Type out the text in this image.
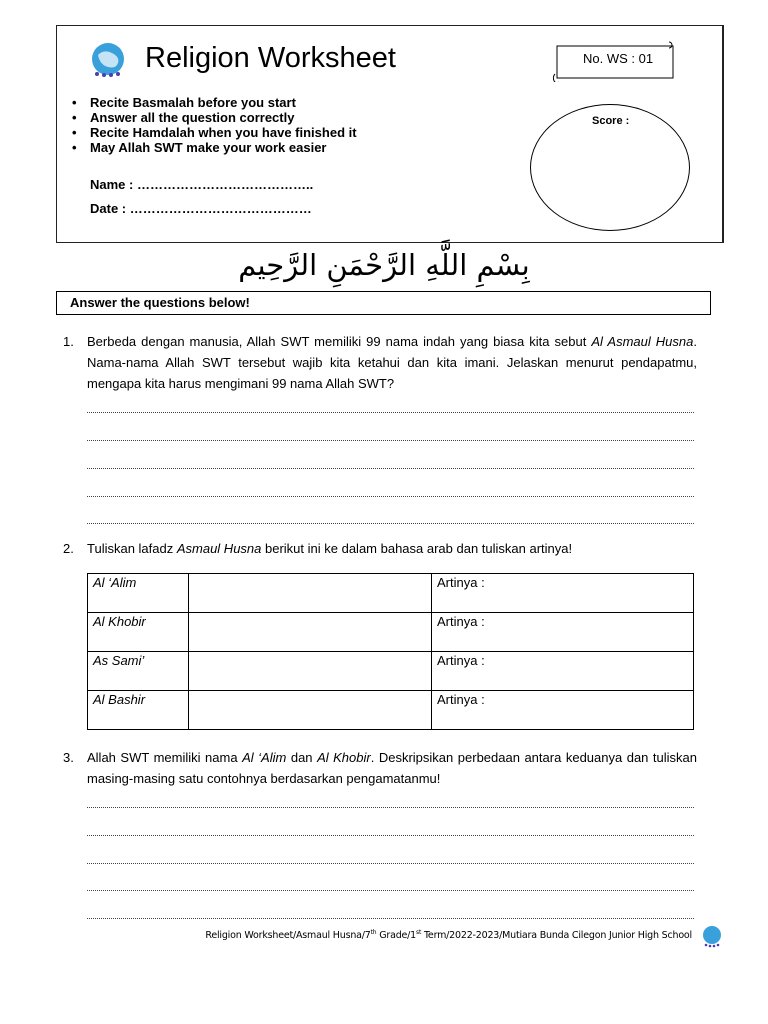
Religion Worksheet	No. WS : 01
Score :
• Recite Basmalah before you start
• Answer all the question correctly
• Recite Hamdalah when you have finished it
• May Allah SWT make your work easier
Name : …………………………………..
Date : ……………………………………
بِسْمِ اللَّهِ الرَّحْمَنِ الرَّحِيم
Answer the questions below!
1. Berbeda dengan manusia, Allah SWT memiliki 99 nama indah yang biasa kita sebut Al Asmaul Husna. Nama-nama Allah SWT tersebut wajib kita ketahui dan kita imani. Jelaskan menurut pendapatmu, mengapa kita harus mengimani 99 nama Allah SWT?
2. Tuliskan lafadz Asmaul Husna berikut ini ke dalam bahasa arab dan tuliskan artinya!
Al ‘Alim		Artinya :
Al Khobir		Artinya :
As Sami’		Artinya :
Al Bashir		Artinya :
3. Allah SWT memiliki nama Al ‘Alim dan Al Khobir. Deskripsikan perbedaan antara keduanya dan tuliskan masing-masing satu contohnya berdasarkan pengamatanmu!
Religion Worksheet/Asmaul Husna/7th Grade/1st Term/2022-2023/Mutiara Bunda Cilegon Junior High School
